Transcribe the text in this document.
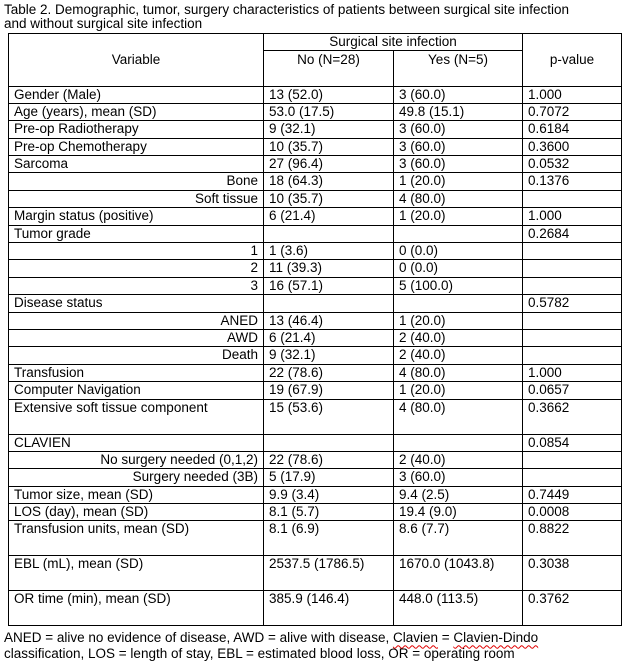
Table 2. Demographic, tumor, surgery characteristics of patients between surgical site infection
and without surgical site infection
Variable	Surgical site infection		p-value
	No (N=28)	Yes (N=5)	
Gender (Male)	13 (52.0)	3 (60.0)	1.000
Age (years), mean (SD)	53.0 (17.5)	49.8 (15.1)	0.7072
Pre-op Radiotherapy	9 (32.1)	3 (60.0)	0.6184
Pre-op Chemotherapy	10 (35.7)	3 (60.0)	0.3600
Sarcoma	27 (96.4)	3 (60.0)	0.0532
Bone	18 (64.3)	1 (20.0)	0.1376
Soft tissue	10 (35.7)	4 (80.0)	
Margin status (positive)	6 (21.4)	1 (20.0)	1.000
Tumor grade			0.2684
1	1 (3.6)	0 (0.0)	
2	11 (39.3)	0 (0.0)	
3	16 (57.1)	5 (100.0)	
Disease status			0.5782
ANED	13 (46.4)	1 (20.0)	
AWD	6 (21.4)	2 (40.0)	
Death	9 (32.1)	2 (40.0)	
Transfusion	22 (78.6)	4 (80.0)	1.000
Computer Navigation	19 (67.9)	1 (20.0)	0.0657
Extensive soft tissue component	15 (53.6)	4 (80.0)	0.3662
CLAVIEN			0.0854
No surgery needed (0,1,2)	22 (78.6)	2 (40.0)	
Surgery needed (3B)	5 (17.9)	3 (60.0)	
Tumor size, mean (SD)	9.9 (3.4)	9.4 (2.5)	0.7449
LOS (day), mean (SD)	8.1 (5.7)	19.4 (9.0)	0.0008
Transfusion units, mean (SD)	8.1 (6.9)	8.6 (7.7)	0.8822
EBL (mL), mean (SD)	2537.5 (1786.5)	1670.0 (1043.8)	0.3038
OR time (min), mean (SD)	385.9 (146.4)	448.0 (113.5)	0.3762
ANED = alive no evidence of disease, AWD = alive with disease, Clavien = Clavien-Dindo
classification, LOS = length of stay, EBL = estimated blood loss, OR = operating room
